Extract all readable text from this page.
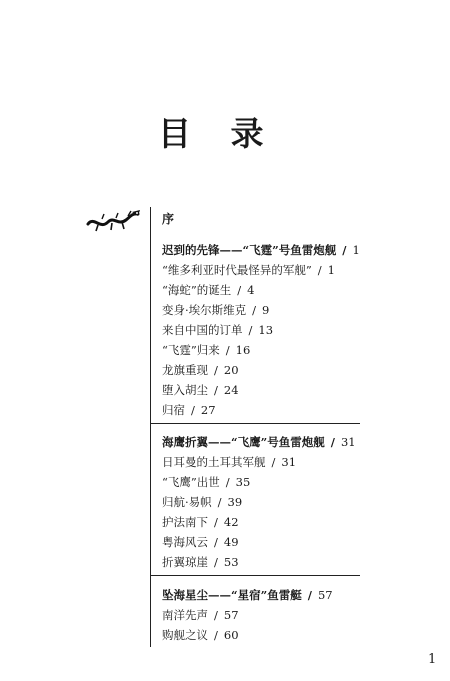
目 录
序
迟到的先锋——“飞霆”号鱼雷炮舰 / 1
“维多利亚时代最怪异的军舰” / 1
“海蛇”的诞生 / 4
变身·埃尔斯维克 / 9
来自中国的订单 / 13
“飞霆”归来 / 16
龙旗重现 / 20
堕入胡尘 / 24
归宿 / 27
海鹰折翼——“飞鹰”号鱼雷炮舰 / 31
日耳曼的土耳其军舰 / 31
“飞鹰”出世 / 35
归航·易帜 / 39
护法南下 / 42
粤海风云 / 49
折翼琼崖 / 53
坠海星尘——“星宿”鱼雷艇 / 57
南洋先声 / 57
购舰之议 / 60
1
